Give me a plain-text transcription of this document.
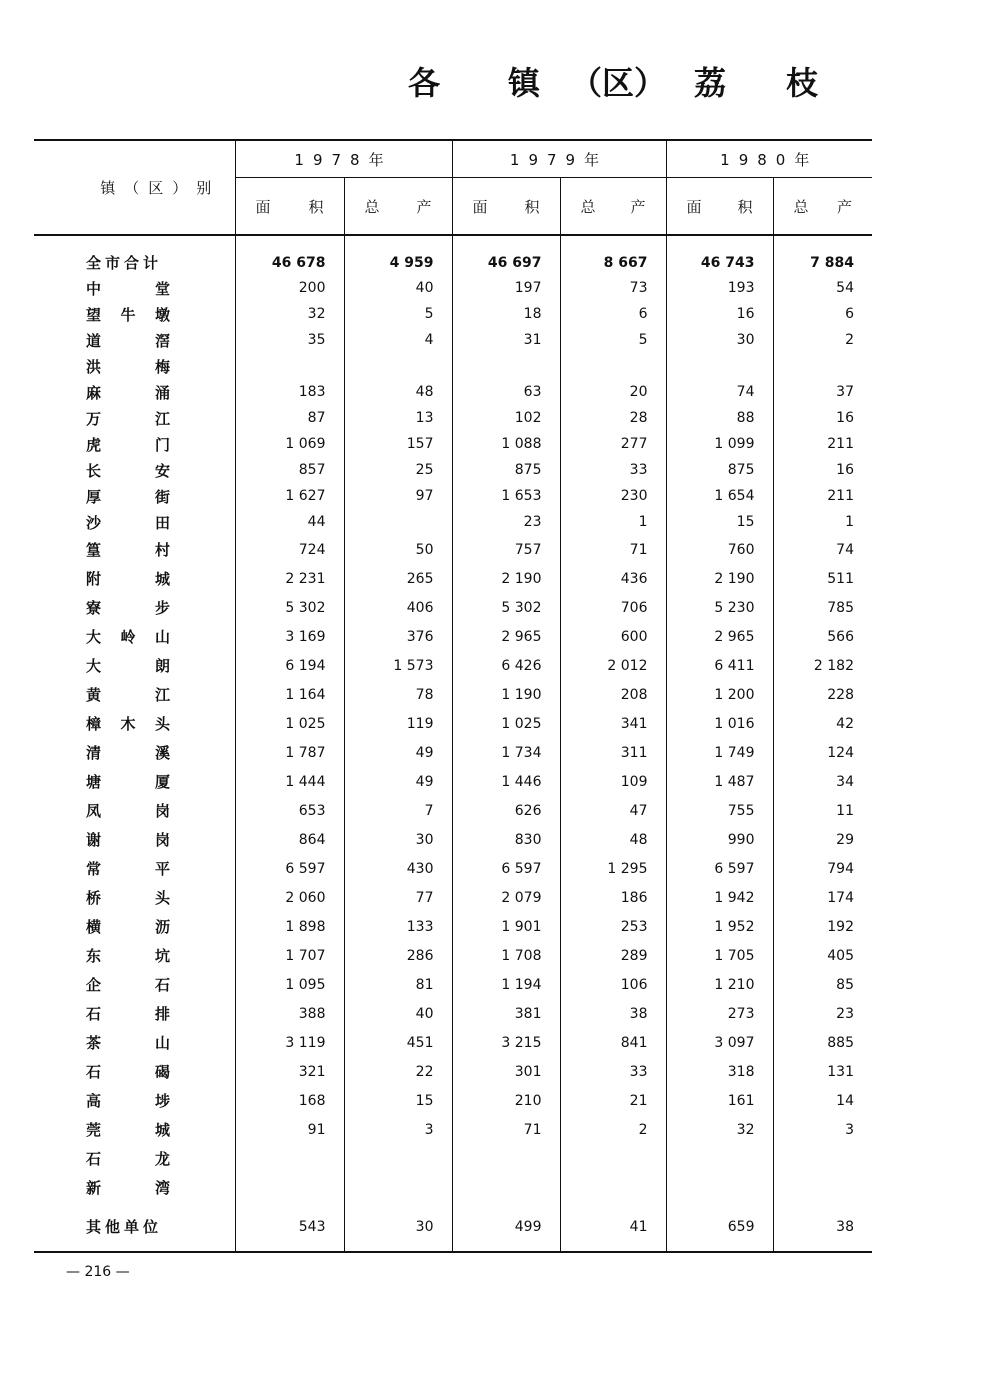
各 镇 （区） 荔 枝
镇（区）别	1978年		1979年		1980年	
	面 积	总 产	面 积	总 产	面 积	总 产

全 市 合 计	46 678	4 959	46 697	8 667	46 743	7 884

中 堂	200	40	197	73	193	54

望 牛 墩	32	5	18	6	16	6

道 滘	35	4	31	5	30	2

洪 梅						

麻 涌	183	48	63	20	74	37

万 江	87	13	102	28	88	16

虎 门	1 069	157	1 088	277	1 099	211

长 安	857	25	875	33	875	16

厚 街	1 627	97	1 653	230	1 654	211

沙 田	44		23	1	15	1

篁 村	724	50	757	71	760	74

附 城	2 231	265	2 190	436	2 190	511

寮 步	5 302	406	5 302	706	5 230	785

大 岭 山	3 169	376	2 965	600	2 965	566

大 朗	6 194	1 573	6 426	2 012	6 411	2 182

黄 江	1 164	78	1 190	208	1 200	228

樟 木 头	1 025	119	1 025	341	1 016	42

清 溪	1 787	49	1 734	311	1 749	124

塘 厦	1 444	49	1 446	109	1 487	34

凤 岗	653	7	626	47	755	11

谢 岗	864	30	830	48	990	29

常 平	6 597	430	6 597	1 295	6 597	794

桥 头	2 060	77	2 079	186	1 942	174

横 沥	1 898	133	1 901	253	1 952	192

东 坑	1 707	286	1 708	289	1 705	405

企 石	1 095	81	1 194	106	1 210	85

石 排	388	40	381	38	273	23

茶 山	3 119	451	3 215	841	3 097	885

石 碣	321	22	301	33	318	131

高 埗	168	15	210	21	161	14

莞 城	91	3	71	2	32	3

石 龙						

新 湾						

其 他 单 位	543	30	499	41	659	38
— 216 —
